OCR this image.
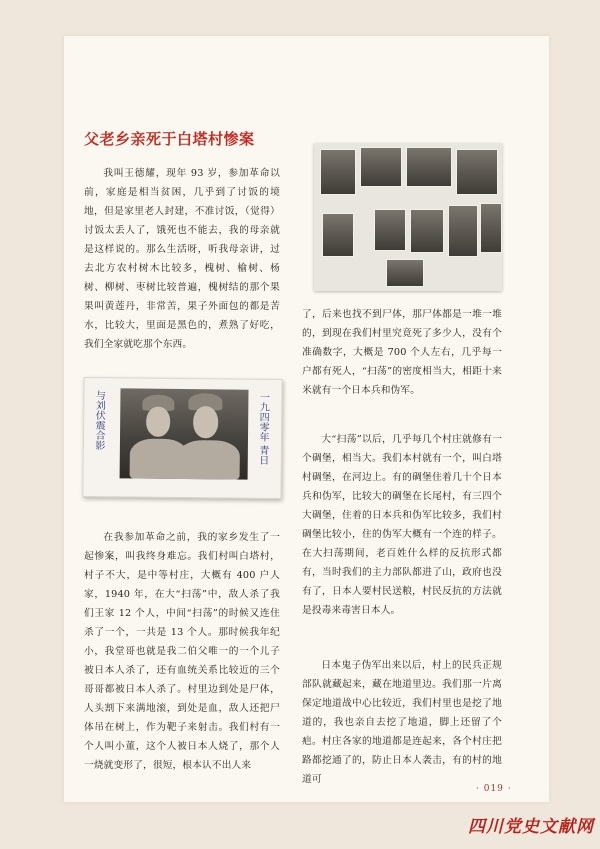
父老乡亲死于白塔村惨案

我叫王德耀，现年 93 岁，参加革命以前，家庭是相当贫困，几乎到了讨饭的境地，但是家里老人封建，不准讨饭，（觉得）讨饭太丢人了，饿死也不能去，我的母亲就是这样说的。那么生活呀，听我母亲讲，过去北方农村树木比较多，槐树、榆树、杨树、柳树、枣树比较普遍，槐树结的那个果果叫黄莲丹，非常苦，果子外面包的都是苦水，比较大，里面是黑色的，煮熟了好吃，我们全家就吃那个东西。

与刘伏震合影	一九四零年 青日

在我参加革命之前，我的家乡发生了一起惨案，叫我终身难忘。我们村叫白塔村，村子不大，是中等村庄，大概有 400 户人家，1940 年，在大“扫荡”中，敌人杀了我们王家 12 个人，中间“扫荡”的时候又连住杀了一个，一共是 13 个人。那时候我年纪小，我堂哥也就是我二伯父唯一的一个儿子被日本人杀了，还有血统关系比较近的三个哥哥都被日本人杀了。村里边到处是尸体，人头割下来满地滚，到处是血，敌人还把尸体吊在树上，作为靶子来射击。我们村有一个人叫小董，这个人被日本人烧了，那个人一烧就变形了，很短，根本认不出人来

了，后来也找不到尸体，那尸体都是一堆一堆的，到现在我们村里究竟死了多少人，没有个准确数字，大概是 700 个人左右，几乎每一户都有死人，“扫荡”的密度相当大，相距十来米就有一个日本兵和伪军。

大“扫荡”以后，几乎每几个村庄就修有一个碉堡，相当大。我们本村就有一个，叫白塔村碉堡，在河边上。有的碉堡住着几十个日本兵和伪军，比较大的碉堡在长尾村，有三四个大碉堡，住着的日本兵和伪军比较多，我们村碉堡比较小，住的伪军大概有一个连的样子。在大扫荡期间，老百姓什么样的反抗形式都有，当时我们的主力部队都进了山，政府也没有了，日本人要村民送粮，村民反抗的方法就是投毒来毒害日本人。

日本鬼子伪军出来以后，村上的民兵正规部队就藏起来，藏在地道里边。我们那一片离保定地道战中心比较近，我们村里也是挖了地道的，我也亲自去挖了地道，脚上还留了个疤。村庄各家的地道都是连起来，各个村庄把路都挖通了的，防止日本人袭击，有的村的地道可

· 019 ·
四川党史文献网
